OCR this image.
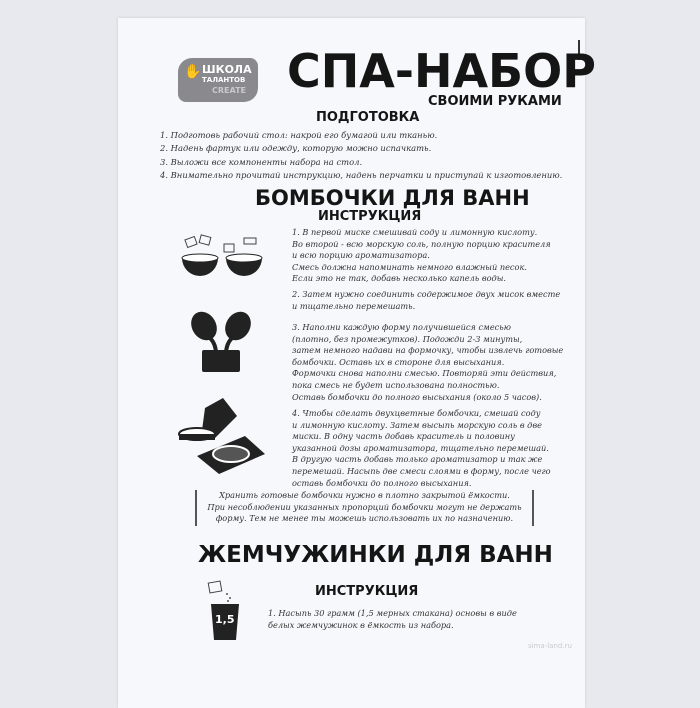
✋ ШКОЛА
ТАЛАНТОВ
CREATE СПА-НАБОР
СВОИМИ РУКАМИ
ПОДГОТОВКА
1. Подготовь рабочий стол: накрой его бумагой или тканью.
2. Надень фартук или одежду, которую можно испачкать.
3. Выложи все компоненты набора на стол.
4. Внимательно прочитай инструкцию, надень перчатки и приступай к изготовлению.
БОМБОЧКИ ДЛЯ ВАНН
ИНСТРУКЦИЯ
1. В первой миске смешивай соду и лимонную кислоту.
Во второй - всю морскую соль, полную порцию красителя
и всю порцию ароматизатора.
Смесь должна напоминать немного влажный песок.
Если это не так, добавь несколько капель воды.
2. Затем нужно соединить содержимое двух мисок вместе
и тщательно перемешать.
3. Наполни каждую форму получившейся смесью
(плотно, без промежутков). Подожди 2-3 минуты,
затем немного надави на формочку, чтобы извлечь готовые
бомбочки. Оставь их в стороне для высыхания.
Формочки снова наполни смесью. Повторяй эти действия,
пока смесь не будет использована полностью.
Оставь бомбочки до полного высыхания (около 5 часов).
4. Чтобы сделать двухцветные бомбочки, смешай соду
и лимонную кислоту. Затем высыпь морскую соль в две
миски. В одну часть добавь краситель и половину
указанной дозы ароматизатора, тщательно перемешай.
В другую часть добавь только ароматизатор и так же
перемешай. Насыпь две смеси слоями в форму, после чего
оставь бомбочки до полного высыхания.
Хранить готовые бомбочки нужно в плотно закрытой ёмкости.
При несоблюдении указанных пропорций бомбочки могут не держать
форму. Тем не менее ты можешь использовать их по назначению.
ЖЕМЧУЖИНКИ ДЛЯ ВАНН
ИНСТРУКЦИЯ
1,5	1. Насыпь 30 грамм (1,5 мерных стакана) основы в виде
белых жемчужинок в ёмкость из набора.
sima-land.ru
